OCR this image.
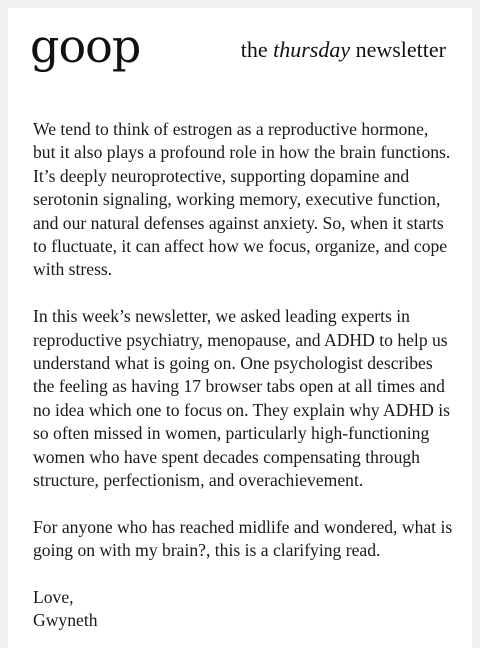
goop	the thursday newsletter

We tend to think of estrogen as a reproductive hormone, but it also plays a profound role in how the brain functions. It’s deeply neuroprotective, supporting dopamine and serotonin signaling, working memory, executive function, and our natural defenses against anxiety. So, when it starts to fluctuate, it can affect how we focus, organize, and cope with stress.

In this week’s newsletter, we asked leading experts in reproductive psychiatry, menopause, and ADHD to help us understand what is going on. One psychologist describes the feeling as having 17 browser tabs open at all times and no idea which one to focus on. They explain why ADHD is so often missed in women, particularly high-functioning women who have spent decades compensating through structure, perfectionism, and overachievement.

For anyone who has reached midlife and wondered, what is going on with my brain?, this is a clarifying read.

Love,

Gwyneth
